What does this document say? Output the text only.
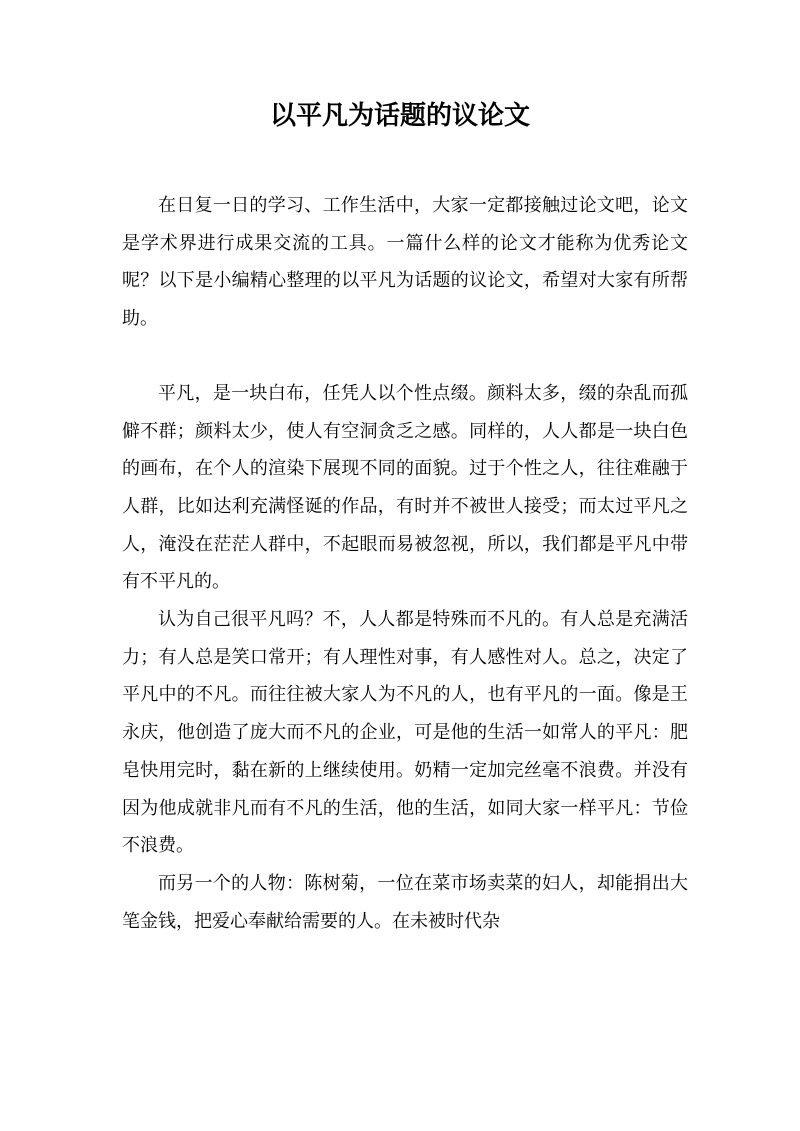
以平凡为话题的议论文

在日复一日的学习、工作生活中，大家一定都接触过论文吧，论文是学术界进行成果交流的工具。一篇什么样的论文才能称为优秀论文呢？以下是小编精心整理的以平凡为话题的议论文，希望对大家有所帮助。

平凡，是一块白布，任凭人以个性点缀。颜料太多，缀的杂乱而孤僻不群；颜料太少，使人有空洞贪乏之感。同样的，人人都是一块白色的画布，在个人的渲染下展现不同的面貌。过于个性之人，往往难融于人群，比如达利充满怪诞的作品，有时并不被世人接受；而太过平凡之人，淹没在茫茫人群中，不起眼而易被忽视，所以，我们都是平凡中带有不平凡的。

认为自己很平凡吗？不，人人都是特殊而不凡的。有人总是充满活力；有人总是笑口常开；有人理性对事，有人感性对人。总之，决定了平凡中的不凡。而往往被大家人为不凡的人，也有平凡的一面。像是王永庆，他创造了庞大而不凡的企业，可是他的生活一如常人的平凡：肥皂快用完时，黏在新的上继续使用。奶精一定加完丝毫不浪费。并没有因为他成就非凡而有不凡的生活，他的生活，如同大家一样平凡：节俭不浪费。

而另一个的人物：陈树菊，一位在菜市场卖菜的妇人，却能捐出大笔金钱，把爱心奉献给需要的人。在未被时代杂
